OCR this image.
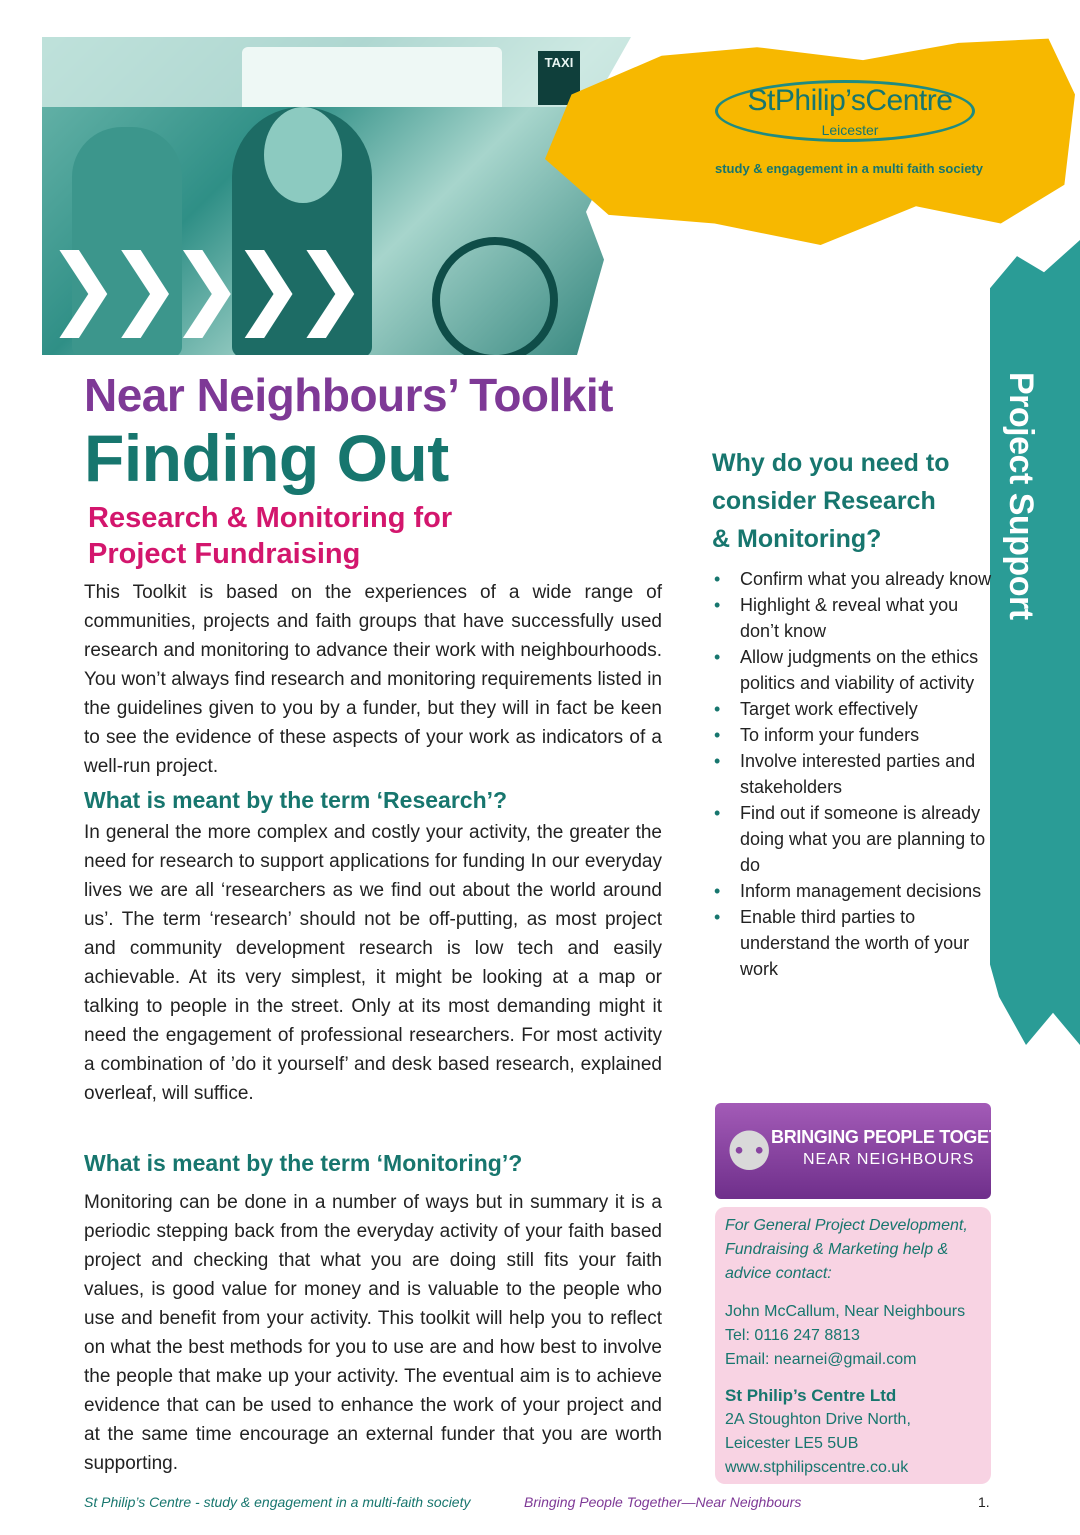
TAXI
❯❯❯❯❯
StPhilip’sCentre
Leicester
study & engagement in a multi faith society
Project Support
Near Neighbours’ Toolkit
Finding Out
Research & Monitoring for
Project Fundraising

This Toolkit is based on the experiences of a wide range of communities, projects and faith groups that have successfully used research and monitoring to advance their work with neighbourhoods. You won’t always find research and monitoring requirements listed in the guidelines given to you by a funder, but they will in fact be keen to see the evidence of these aspects of your work as indicators of a well-run project.

What is meant by the term ‘Research’?

In general the more complex and costly your activity, the greater the need for research to support applications for funding In our everyday lives we are all ‘researchers as we find out about the world around us’. The term ‘research’ should not be off-putting, as most project and community development research is low tech and easily achievable. At its very simplest, it might be looking at a map or talking to people in the street. Only at its most demanding might it need the engagement of professional researchers. For most activity a combination of ’do it yourself’ and desk based research, explained overleaf, will suffice.

What is meant by the term ‘Monitoring’?

Monitoring can be done in a number of ways but in summary it is a periodic stepping back from the everyday activity of your faith based project and checking that what you are doing still fits your faith values, is good value for money and is valuable to the people who use and benefit from your activity. This toolkit will help you to reflect on what the best methods for you to use are and how best to involve the people that make up your activity. The eventual aim is to achieve evidence that can be used to enhance the work of your project and at the same time encourage an external funder that you are worth supporting.

Why do you need to
consider Research
& Monitoring?
• Confirm what you already know
• Highlight & reveal what you don’t know
• Allow judgments on the ethics politics and viability of activity
• Target work effectively
• To inform your funders
• Involve interested parties and stakeholders
• Find out if someone is already doing what you are planning to do
• Inform management decisions
• Enable third parties to understand the worth of your work
⚉
BRINGING PEOPLE TOGETHER
NEAR NEIGHBOURS
For General Project Development, Fundraising & Marketing help & advice contact:
John McCallum, Near Neighbours
Tel: 0116 247 8813
Email: nearnei@gmail.com
St Philip’s Centre Ltd
2A Stoughton Drive North,
Leicester LE5 5UB
www.stphilipscentre.co.uk
St Philip’s Centre - study & engagement in a multi-faith society	Bringing People Together—Near Neighbours	1.
